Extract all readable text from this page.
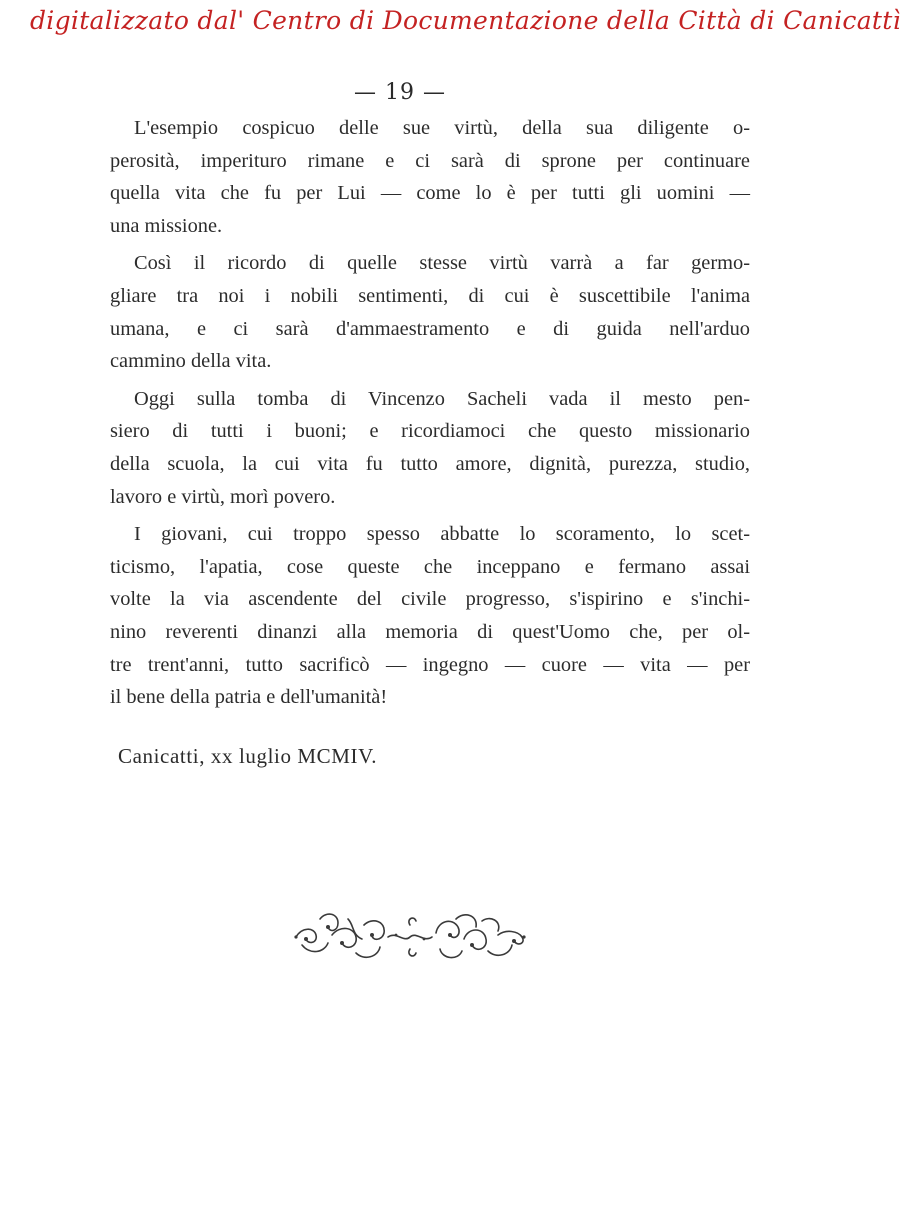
digitalizzato dal' Centro di Documentazione della Città di Canicattì
— 19 —

L'esempio cospicuo delle sue virtù, della sua diligente o-
perosità, imperituro rimane e ci sarà di sprone per continuare
quella vita che fu per Lui — come lo è per tutti gli uomini —
una missione.

Così il ricordo di quelle stesse virtù varrà a far germo-
gliare tra noi i nobili sentimenti, di cui è suscettibile l'anima
umana, e ci sarà d'ammaestramento e di guida nell'arduo
cammino della vita.

Oggi sulla tomba di Vincenzo Sacheli vada il mesto pen-
siero di tutti i buoni; e ricordiamoci che questo missionario
della scuola, la cui vita fu tutto amore, dignità, purezza, studio,
lavoro e virtù, morì povero.

I giovani, cui troppo spesso abbatte lo scoramento, lo scet-
ticismo, l'apatia, cose queste che inceppano e fermano assai
volte la via ascendente del civile progresso, s'ispirino e s'inchi-
nino reverenti dinanzi alla memoria di quest'Uomo che, per ol-
tre trent'anni, tutto sacrificò — ingegno — cuore — vita — per
il bene della patria e dell'umanità!

Canicatti, xx luglio MCMIV.
